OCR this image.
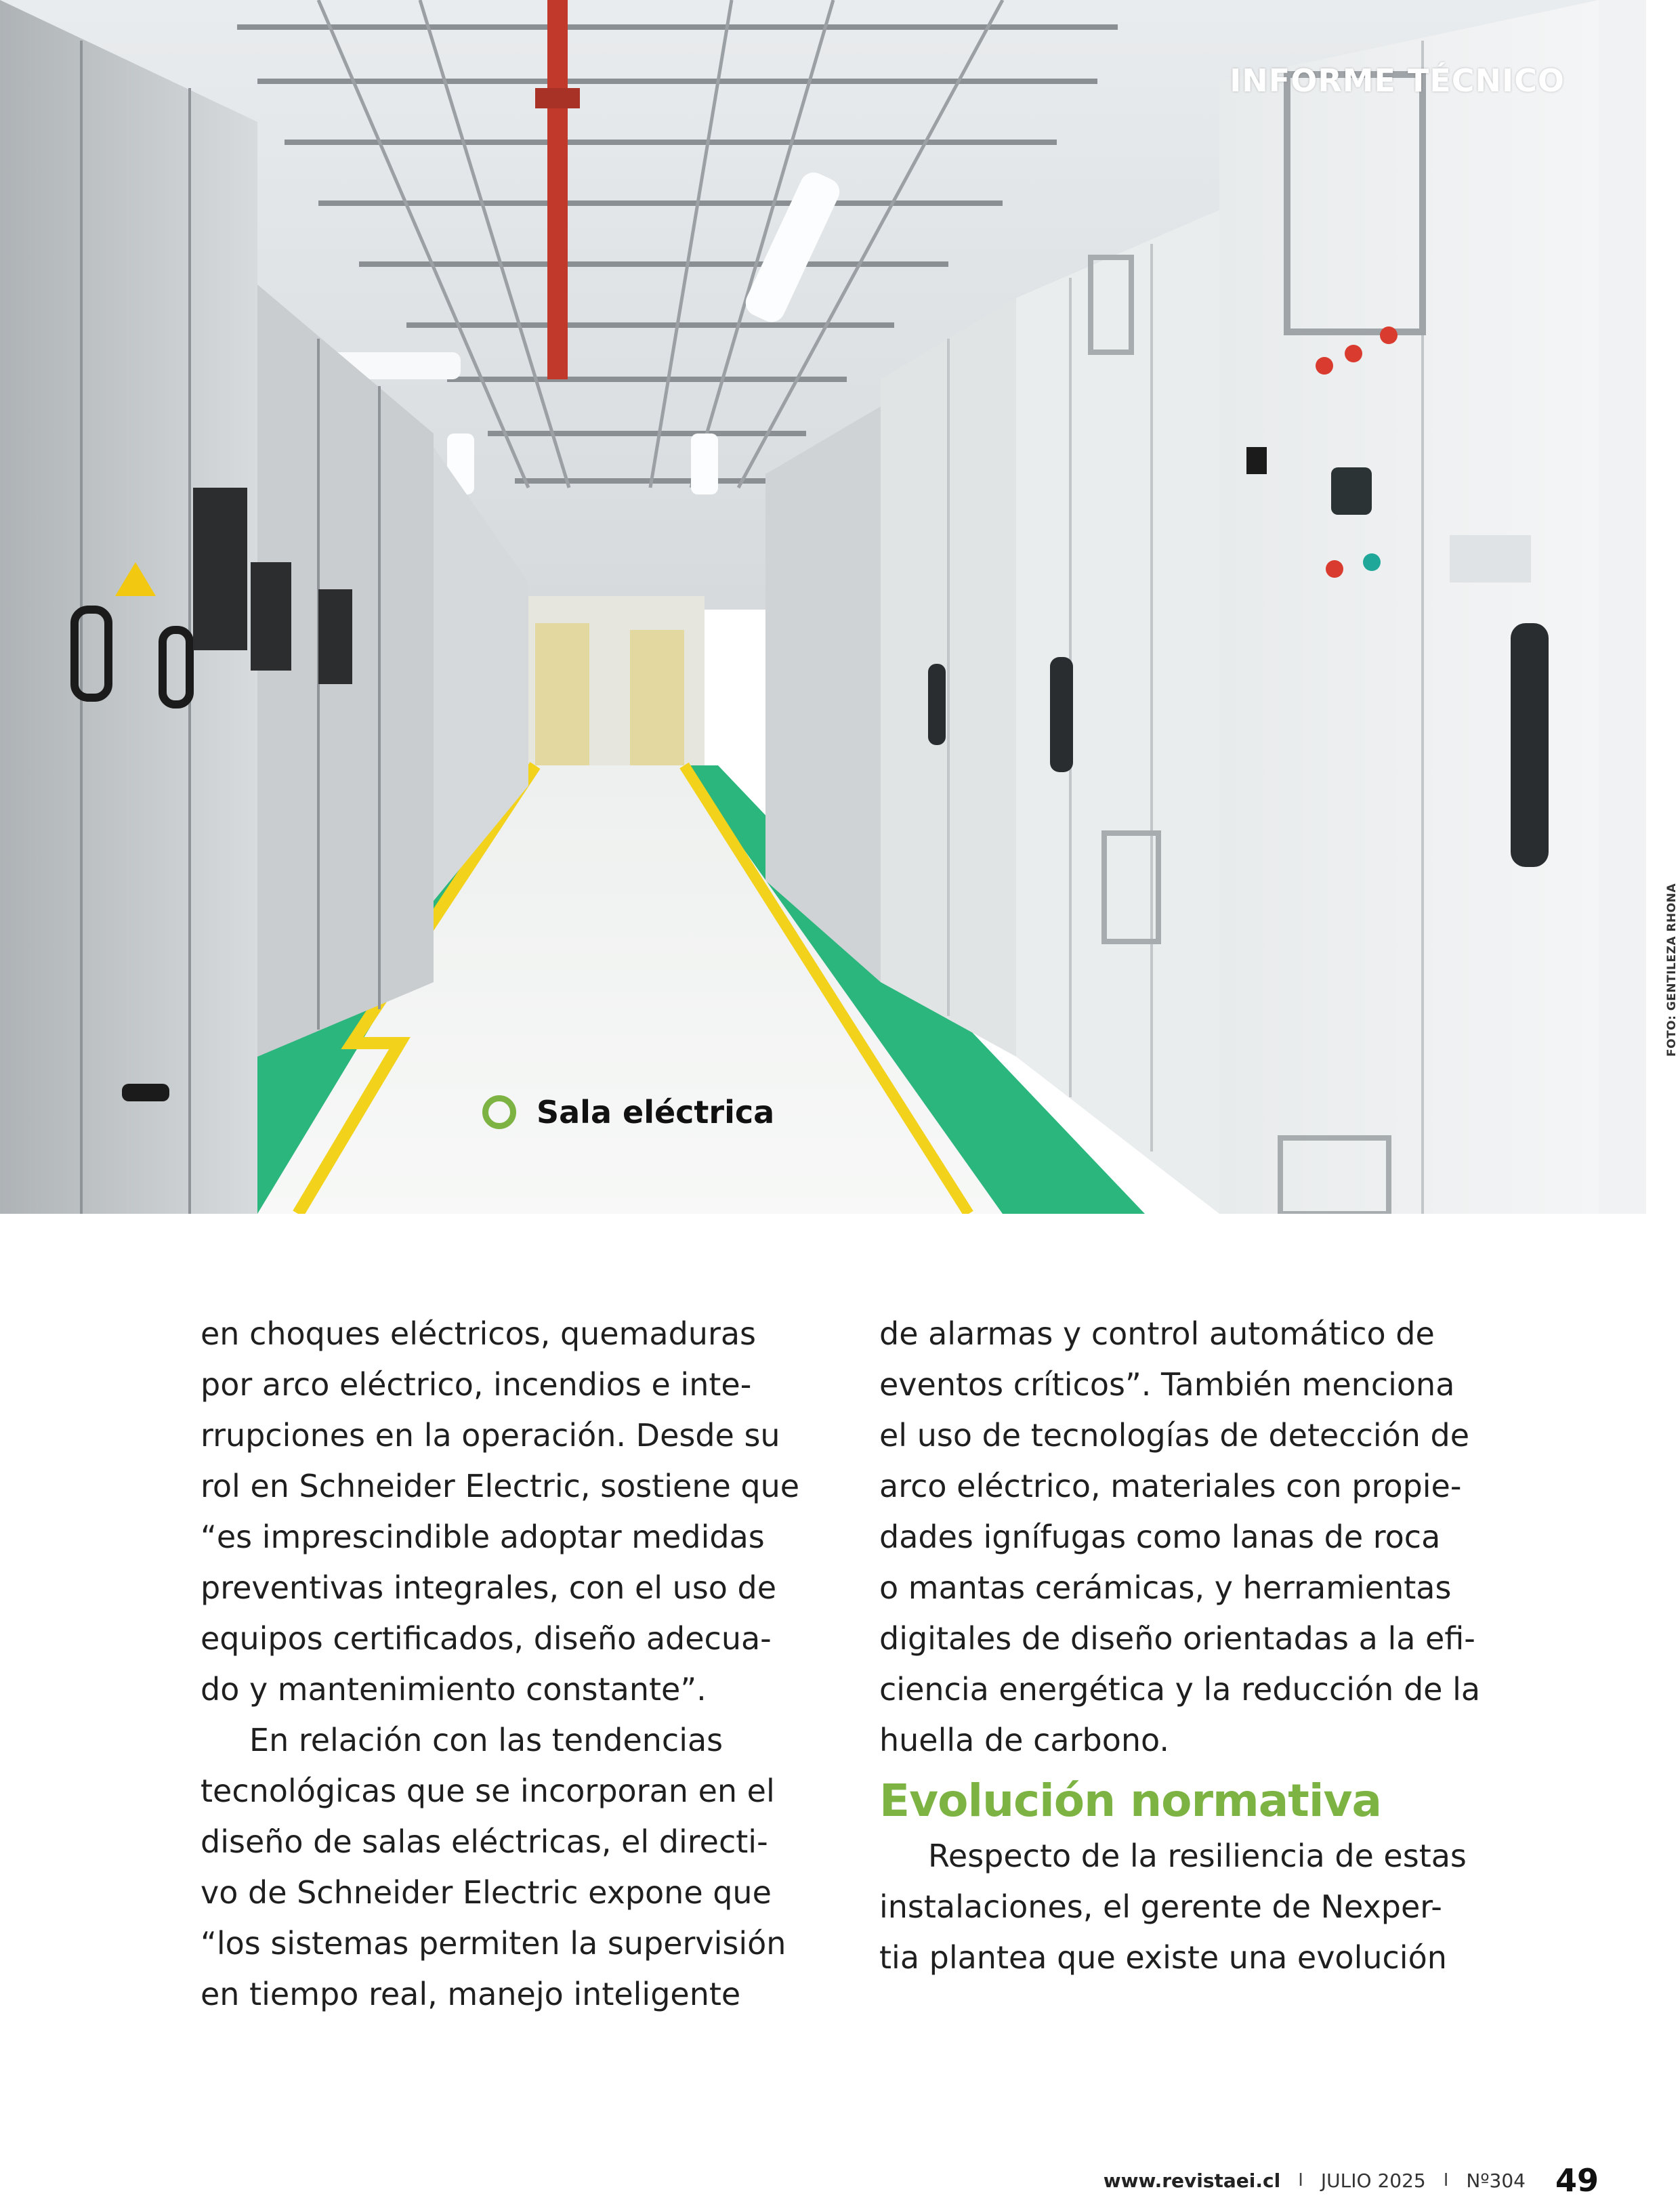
INFORME TÉCNICO
Sala eléctrica
FOTO: GENTILEZA RHONA
en choques eléctricos, quemaduras
por arco eléctrico, incendios e inte-
rrupciones en la operación. Desde su
rol en Schneider Electric, sostiene que
“es imprescindible adoptar medidas
preventivas integrales, con el uso de
equipos certificados, diseño adecua-
do y mantenimiento constante”.
En relación con las tendencias
tecnológicas que se incorporan en el
diseño de salas eléctricas, el directi-
vo de Schneider Electric expone que
“los sistemas permiten la supervisión
en tiempo real, manejo inteligente
de alarmas y control automático de
eventos críticos”. También menciona
el uso de tecnologías de detección de
arco eléctrico, materiales con propie-
dades ignífugas como lanas de roca
o mantas cerámicas, y herramientas
digitales de diseño orientadas a la efi-
ciencia energética y la reducción de la
huella de carbono.
Evolución normativa
Respecto de la resiliencia de estas
instalaciones, el gerente de Nexper-
tia plantea que existe una evolución
www.revistaei.cl I JULIO 2025 I Nº304 49
